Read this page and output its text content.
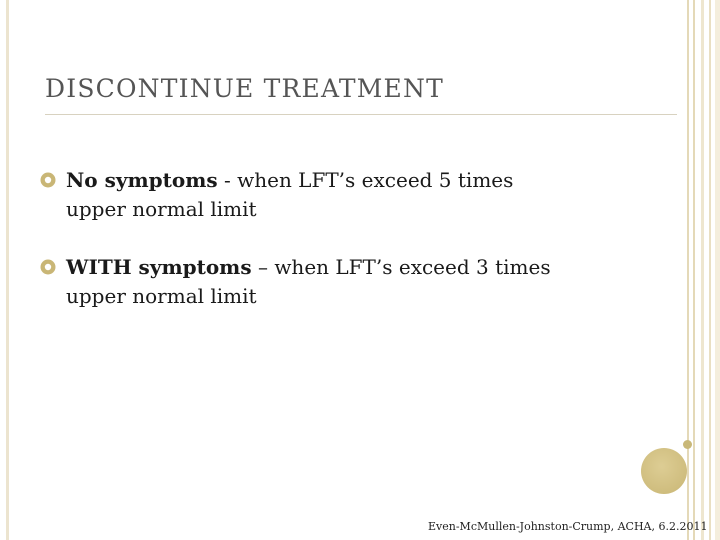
DISCONTINUE TREATMENT
No symptoms - when LFT’s exceed 5 times
upper normal limit
WITH symptoms – when LFT’s exceed 3 times
upper normal limit
Even-McMullen-Johnston-Crump, ACHA, 6.2.2011
